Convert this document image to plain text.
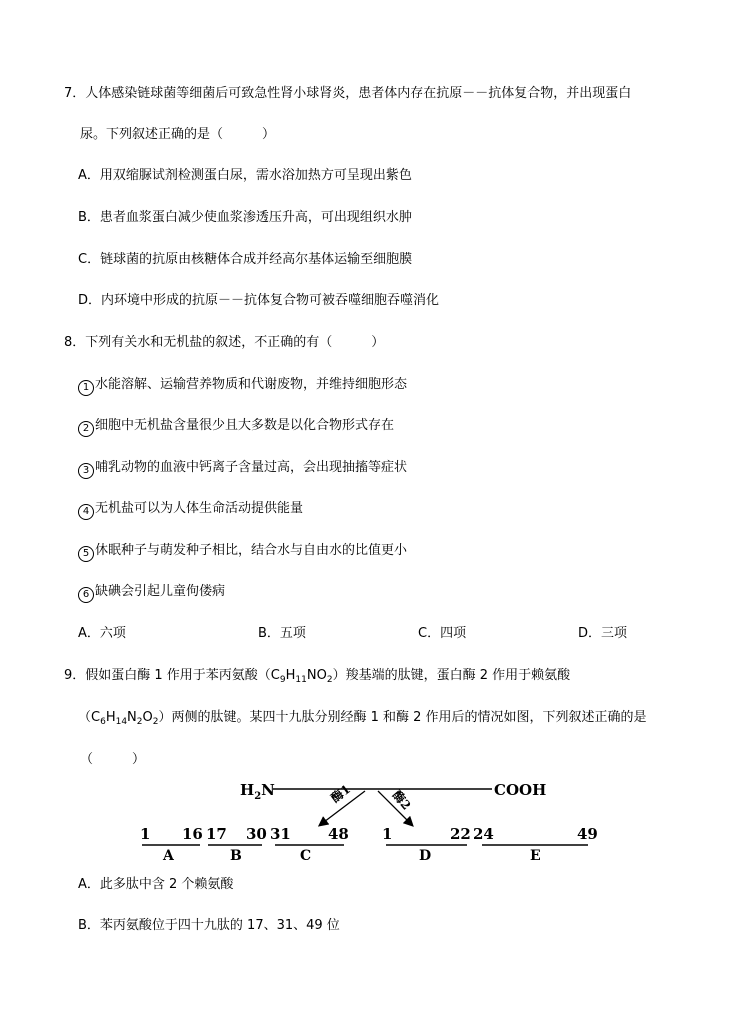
7．人体感染链球菌等细菌后可致急性肾小球肾炎，患者体内存在抗原－－抗体复合物，并出现蛋白
尿。下列叙述正确的是（　　　）
A．用双缩脲试剂检测蛋白尿，需水浴加热方可呈现出紫色
B．患者血浆蛋白减少使血浆渗透压升高，可出现组织水肿
C．链球菌的抗原由核糖体合成并经高尔基体运输至细胞膜
D．内环境中形成的抗原－－抗体复合物可被吞噬细胞吞噬消化
8．下列有关水和无机盐的叙述，不正确的有（　　　）
1 水能溶解、运输营养物质和代谢废物，并维持细胞形态
2 细胞中无机盐含量很少且大多数是以化合物形式存在
3 哺乳动物的血液中钙离子含量过高，会出现抽搐等症状
4 无机盐可以为人体生命活动提供能量
5 休眠种子与萌发种子相比，结合水与自由水的比值更小
6 缺碘会引起儿童佝偻病
A．六项	B．五项	C．四项	D．三项
9．假如蛋白酶 1 作用于苯丙氨酸$(C_9H_{11}NO_2)$羧基端的肽键，蛋白酶 2 作用于赖氨酸
$(C_6H_{14}N_2O_2)$两侧的肽键。某四十九肽分别经酶 1 和酶 2 作用后的情况如图，下列叙述正确的是
（　　　）
$H_2N$	COOH
酶1	酶2
1 16
A
17 30
B
31 48
C
1	22
D
24	49
E
A．此多肽中含 2 个赖氨酸
B．苯丙氨酸位于四十九肽的 17、31、49 位
